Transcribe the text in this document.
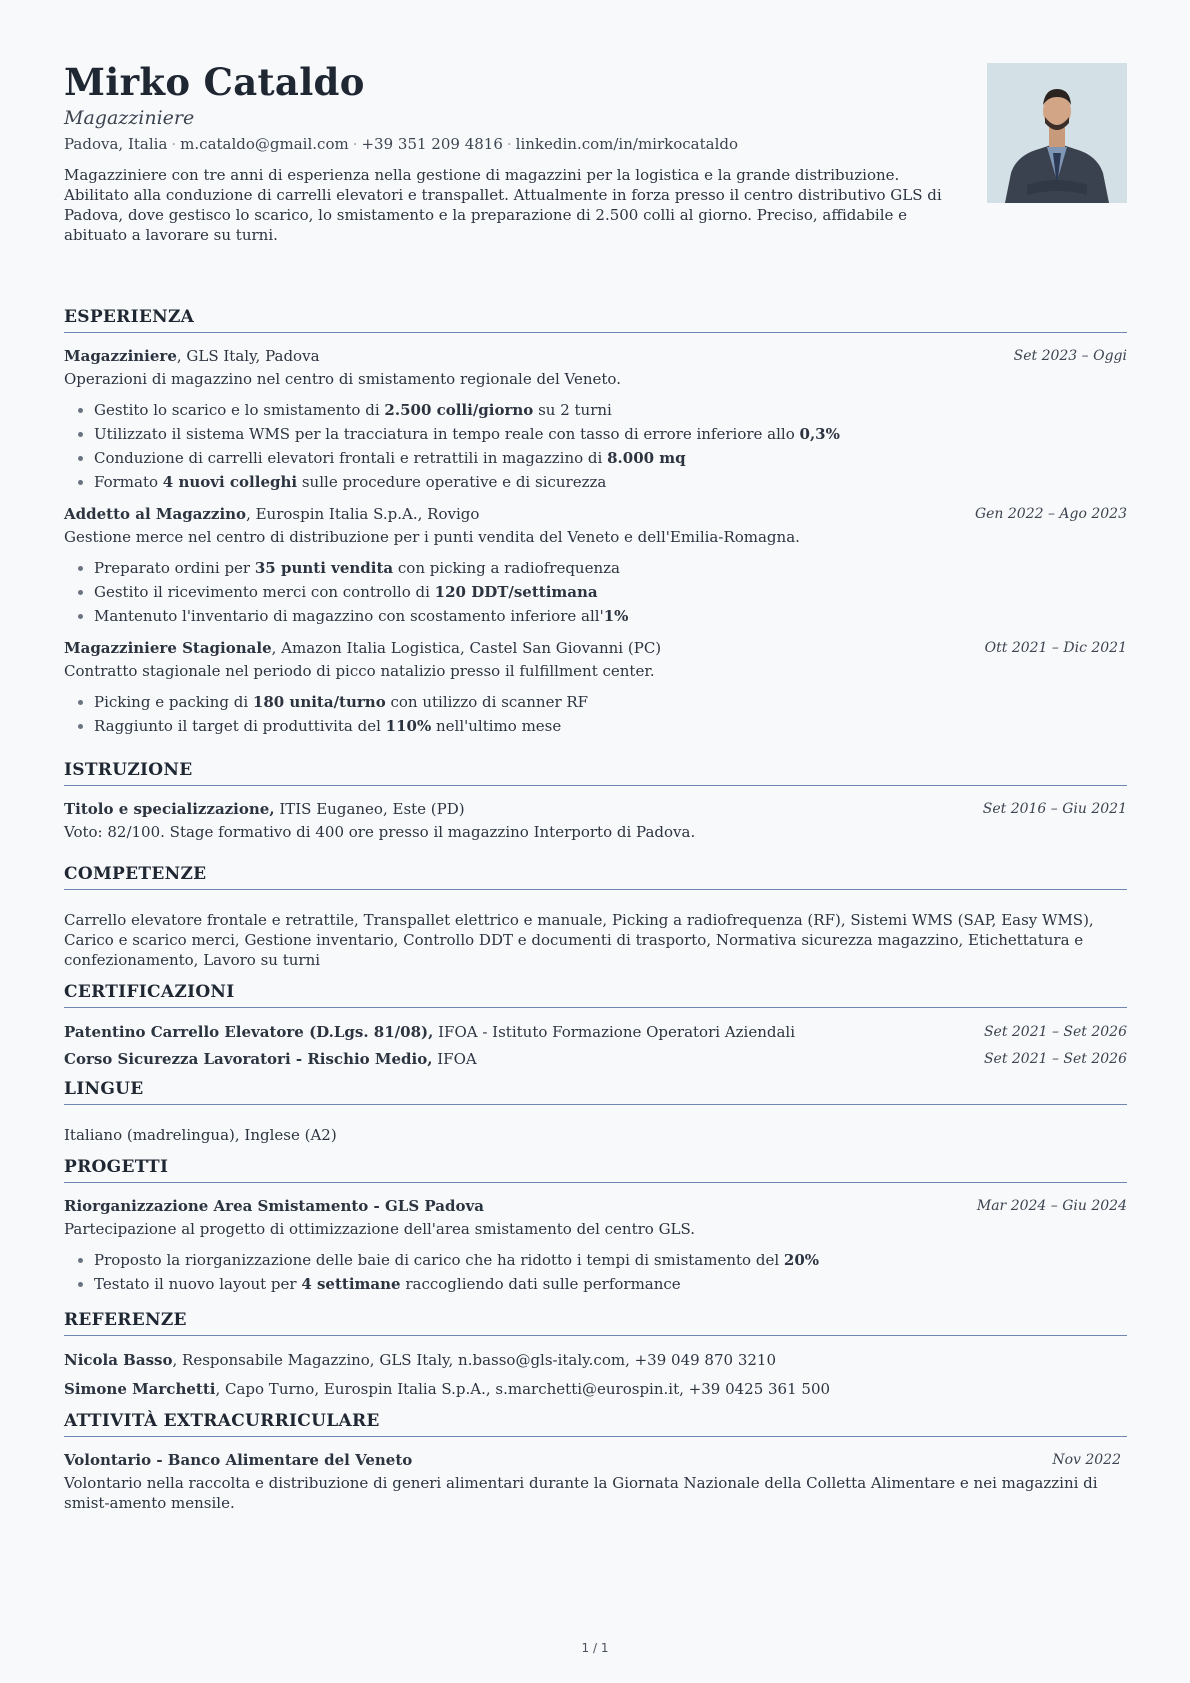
Mirko Cataldo
Magazziniere
Padova, Italia · m.cataldo@gmail.com · +39 351 209 4816 · linkedin.com/in/mirkocataldo
Magazziniere con tre anni di esperienza nella gestione di magazzini per la logistica e la grande distribuzione. Abilitato alla conduzione di carrelli elevatori e transpallet. Attualmente in forza presso il centro distributivo GLS di Padova, dove gestisco lo scarico, lo smistamento e la preparazione di 2.500 colli al giorno. Preciso, affidabile e abituato a lavorare su turni.
ESPERIENZA
Magazziniere, GLS Italy, Padova	Set 2023 – Oggi
Operazioni di magazzino nel centro di smistamento regionale del Veneto.
• Gestito lo scarico e lo smistamento di 2.500 colli/giorno su 2 turni
• Utilizzato il sistema WMS per la tracciatura in tempo reale con tasso di errore inferiore allo 0,3%
• Conduzione di carrelli elevatori frontali e retrattili in magazzino di 8.000 mq
• Formato 4 nuovi colleghi sulle procedure operative e di sicurezza
Addetto al Magazzino, Eurospin Italia S.p.A., Rovigo	Gen 2022 – Ago 2023
Gestione merce nel centro di distribuzione per i punti vendita del Veneto e dell'Emilia-Romagna.
• Preparato ordini per 35 punti vendita con picking a radiofrequenza
• Gestito il ricevimento merci con controllo di 120 DDT/settimana
• Mantenuto l'inventario di magazzino con scostamento inferiore all'1%
Magazziniere Stagionale, Amazon Italia Logistica, Castel San Giovanni (PC)	Ott 2021 – Dic 2021
Contratto stagionale nel periodo di picco natalizio presso il fulfillment center.
• Picking e packing di 180 unita/turno con utilizzo di scanner RF
• Raggiunto il target di produttivita del 110% nell'ultimo mese
ISTRUZIONE
Titolo e specializzazione, ITIS Euganeo, Este (PD)	Set 2016 – Giu 2021
Voto: 82/100. Stage formativo di 400 ore presso il magazzino Interporto di Padova.
COMPETENZE
Carrello elevatore frontale e retrattile, Transpallet elettrico e manuale, Picking a radiofrequenza (RF), Sistemi WMS (SAP, Easy WMS), Carico e scarico merci, Gestione inventario, Controllo DDT e documenti di trasporto, Normativa sicurezza magazzino, Etichettatura e confezionamento, Lavoro su turni
CERTIFICAZIONI
Patentino Carrello Elevatore (D.Lgs. 81/08), IFOA - Istituto Formazione Operatori Aziendali	Set 2021 – Set 2026
Corso Sicurezza Lavoratori - Rischio Medio, IFOA	Set 2021 – Set 2026
LINGUE
Italiano (madrelingua), Inglese (A2)
PROGETTI
Riorganizzazione Area Smistamento - GLS Padova	Mar 2024 – Giu 2024
Partecipazione al progetto di ottimizzazione dell'area smistamento del centro GLS.
• Proposto la riorganizzazione delle baie di carico che ha ridotto i tempi di smistamento del 20%
• Testato il nuovo layout per 4 settimane raccogliendo dati sulle performance
REFERENZE
Nicola Basso, Responsabile Magazzino, GLS Italy, n.basso@gls-italy.com, +39 049 870 3210
Simone Marchetti, Capo Turno, Eurospin Italia S.p.A., s.marchetti@eurospin.it, +39 0425 361 500
ATTIVITÀ EXTRACURRICULARE
Volontario - Banco Alimentare del Veneto	Nov 2022
Volontario nella raccolta e distribuzione di generi alimentari durante la Giornata Nazionale della Colletta Alimentare e nei magazzini di smist-amento mensile.
1 / 1
